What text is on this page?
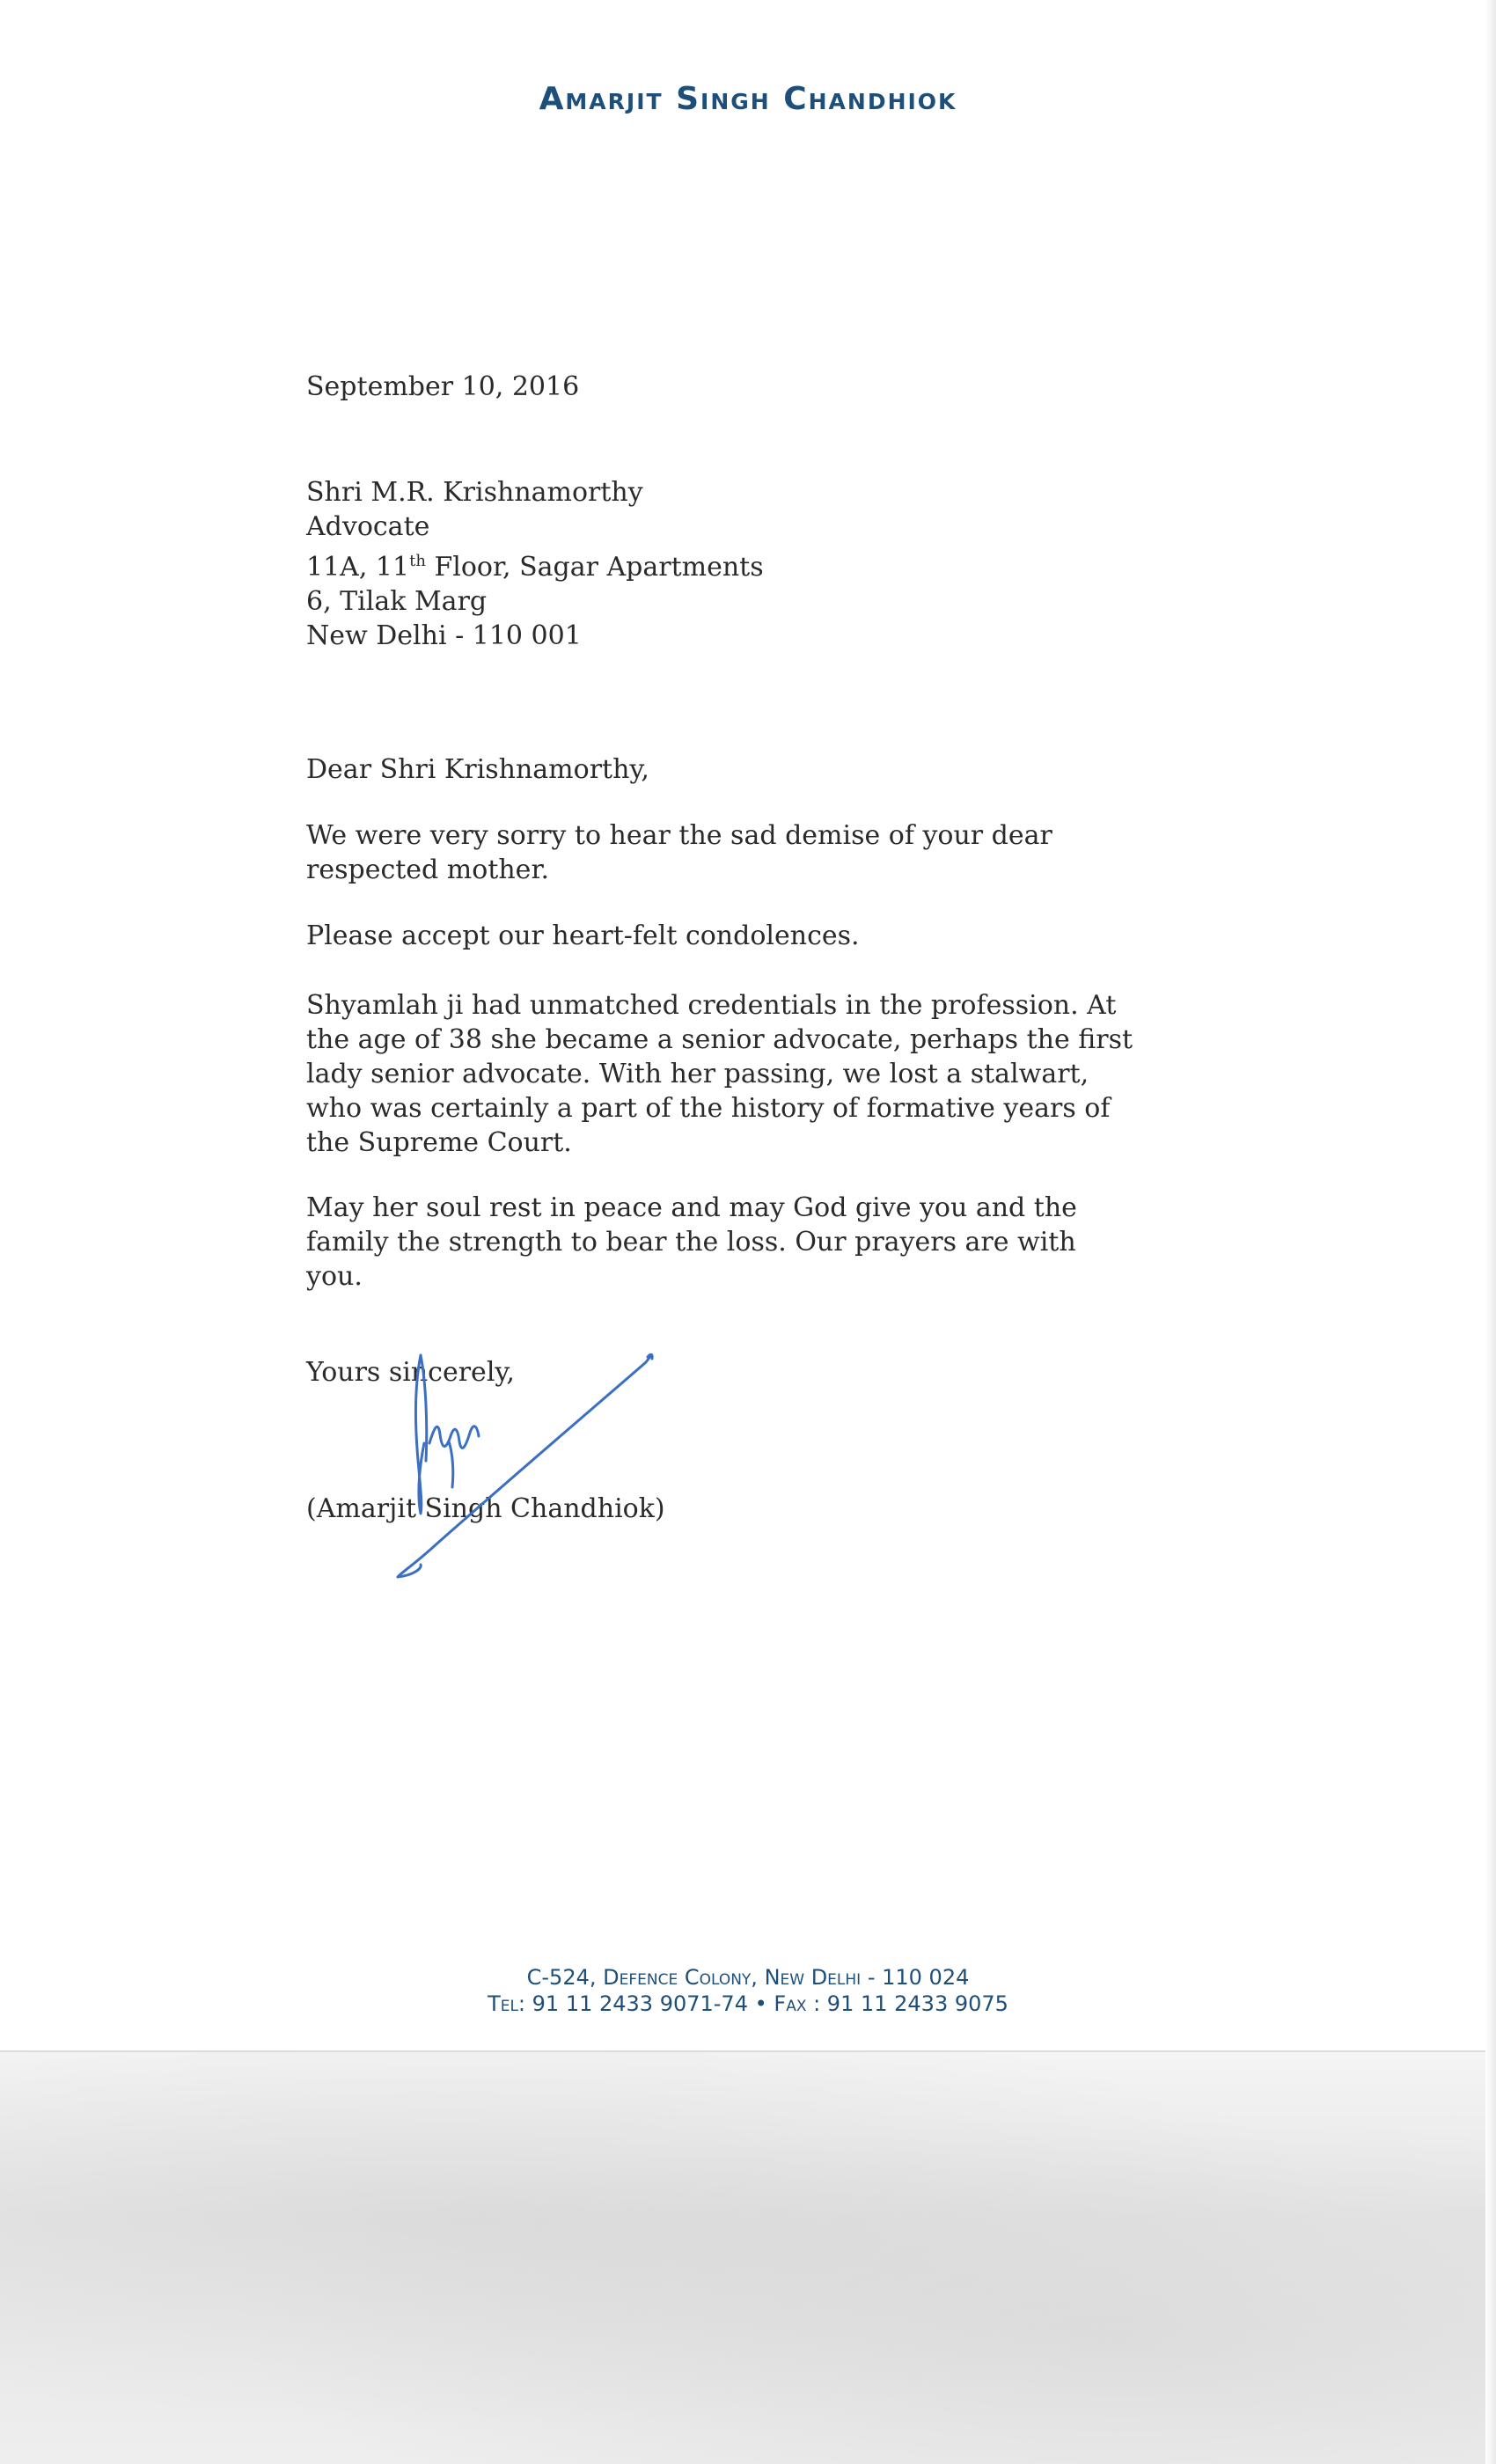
Amarjit Singh Chandhiok
September 10, 2016
Shri M.R. Krishnamorthy
Advocate
11A, 11th Floor, Sagar Apartments
6, Tilak Marg
New Delhi - 110 001
Dear Shri Krishnamorthy,
We were very sorry to hear the sad demise of your dear
respected mother.
Please accept our heart-felt condolences.
Shyamlah ji had unmatched credentials in the profession. At
the age of 38 she became a senior advocate, perhaps the first
lady senior advocate. With her passing, we lost a stalwart,
who was certainly a part of the history of formative years of
the Supreme Court.
May her soul rest in peace and may God give you and the
family the strength to bear the loss. Our prayers are with
you.
Yours sincerely,
(Amarjit Singh Chandhiok)
C-524, Defence Colony, New Delhi - 110 024
Tel: 91 11 2433 9071-74 • Fax : 91 11 2433 9075
